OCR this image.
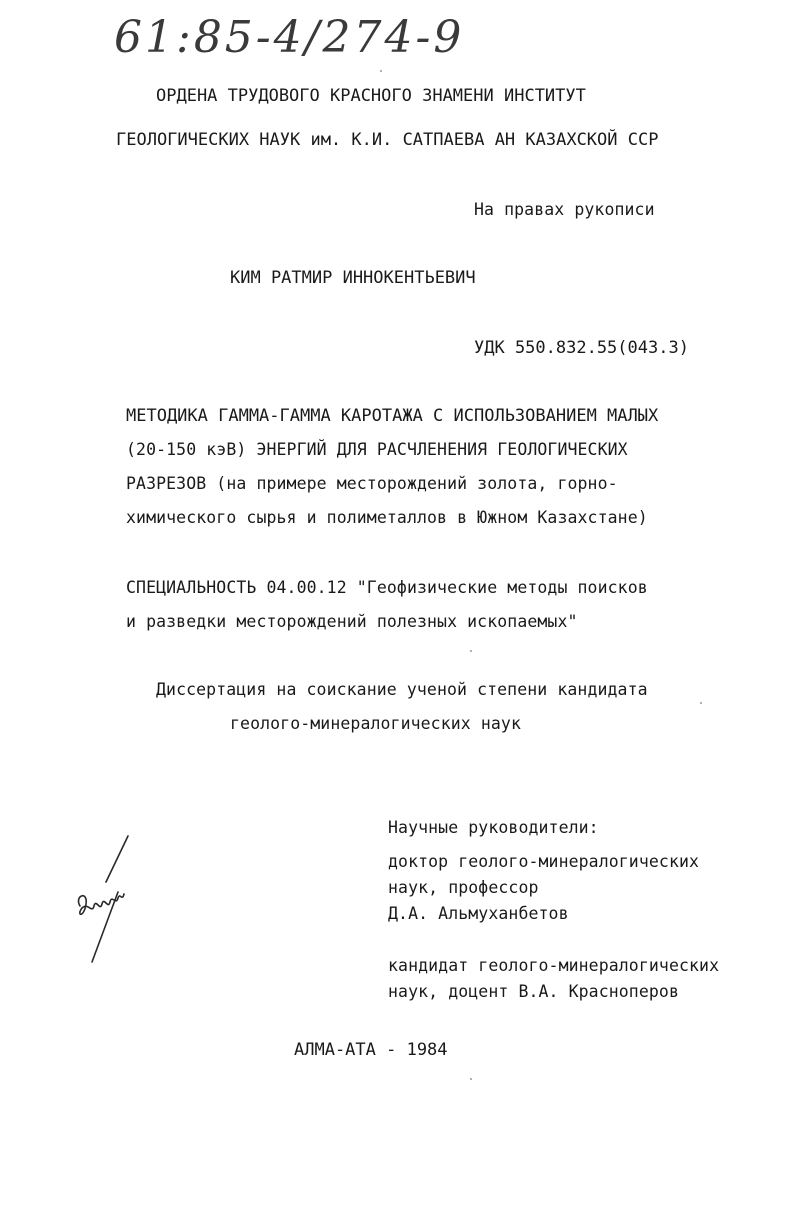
61:85-4/274-9
ОРДЕНА ТРУДОВОГО КРАСНОГО ЗНАМЕНИ ИНСТИТУТ
ГЕОЛОГИЧЕСКИХ НАУК им. К.И. САТПАЕВА АН КАЗАХСКОЙ ССР
На правах рукописи
КИМ РАТМИР ИННОКЕНТЬЕВИЧ
УДК 550.832.55(043.3)
МЕТОДИКА ГАММА-ГАММА КАРОТАЖА С ИСПОЛЬЗОВАНИЕМ МАЛЫХ
(20-150 кэВ) ЭНЕРГИЙ ДЛЯ РАСЧЛЕНЕНИЯ ГЕОЛОГИЧЕСКИХ
РАЗРЕЗОВ (на примере месторождений золота, горно-
химического сырья и полиметаллов в Южном Казахстане)
СПЕЦИАЛЬНОСТЬ 04.00.12 "Геофизические методы поисков
и разведки месторождений полезных ископаемых"
Диссертация на соискание ученой степени кандидата
геолого-минералогических наук
Научные руководители:
доктор геолого-минералогических
наук, профессор
Д.А. Альмуханбетов
кандидат геолого-минералогических
наук, доцент В.А. Красноперов
АЛМА-АТА - 1984
